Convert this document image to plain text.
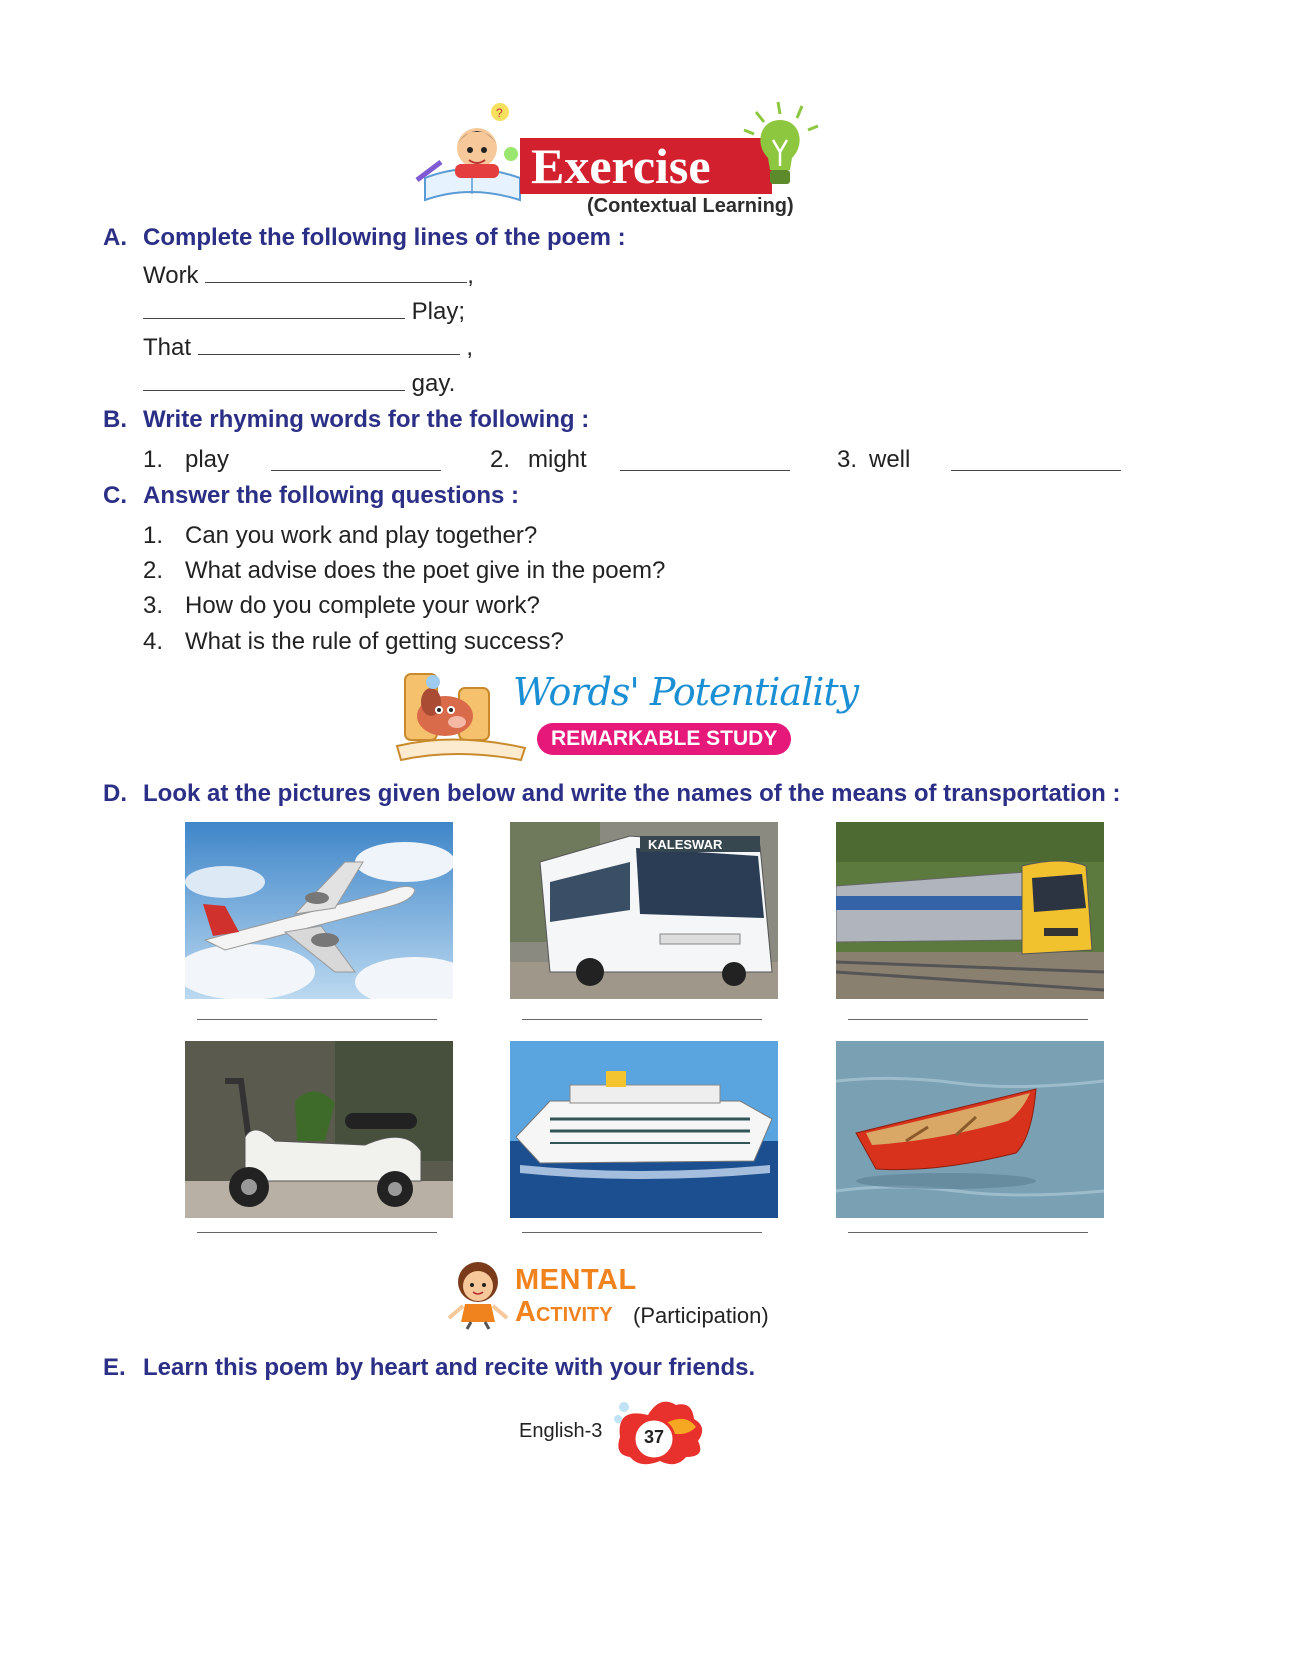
?
Exercise
(Contextual Learning)
A. Complete the following lines of the poem :
Work	,
Play;
That	,
gay.
B. Write rhyming words for the following :
1. play	2. might	3. well
C. Answer the following questions :
1. Can you work and play together?
2. What advise does the poet give in the poem?
3. How do you complete your work?
4. What is the rule of getting success?
Words' Potentiality
REMARKABLE STUDY
D. Look at the pictures given below and write the names of the means of transportation :
KALESWAR
MENTAL
Activity (Participation)
E. Learn this poem by heart and recite with your friends.
English-3	37
